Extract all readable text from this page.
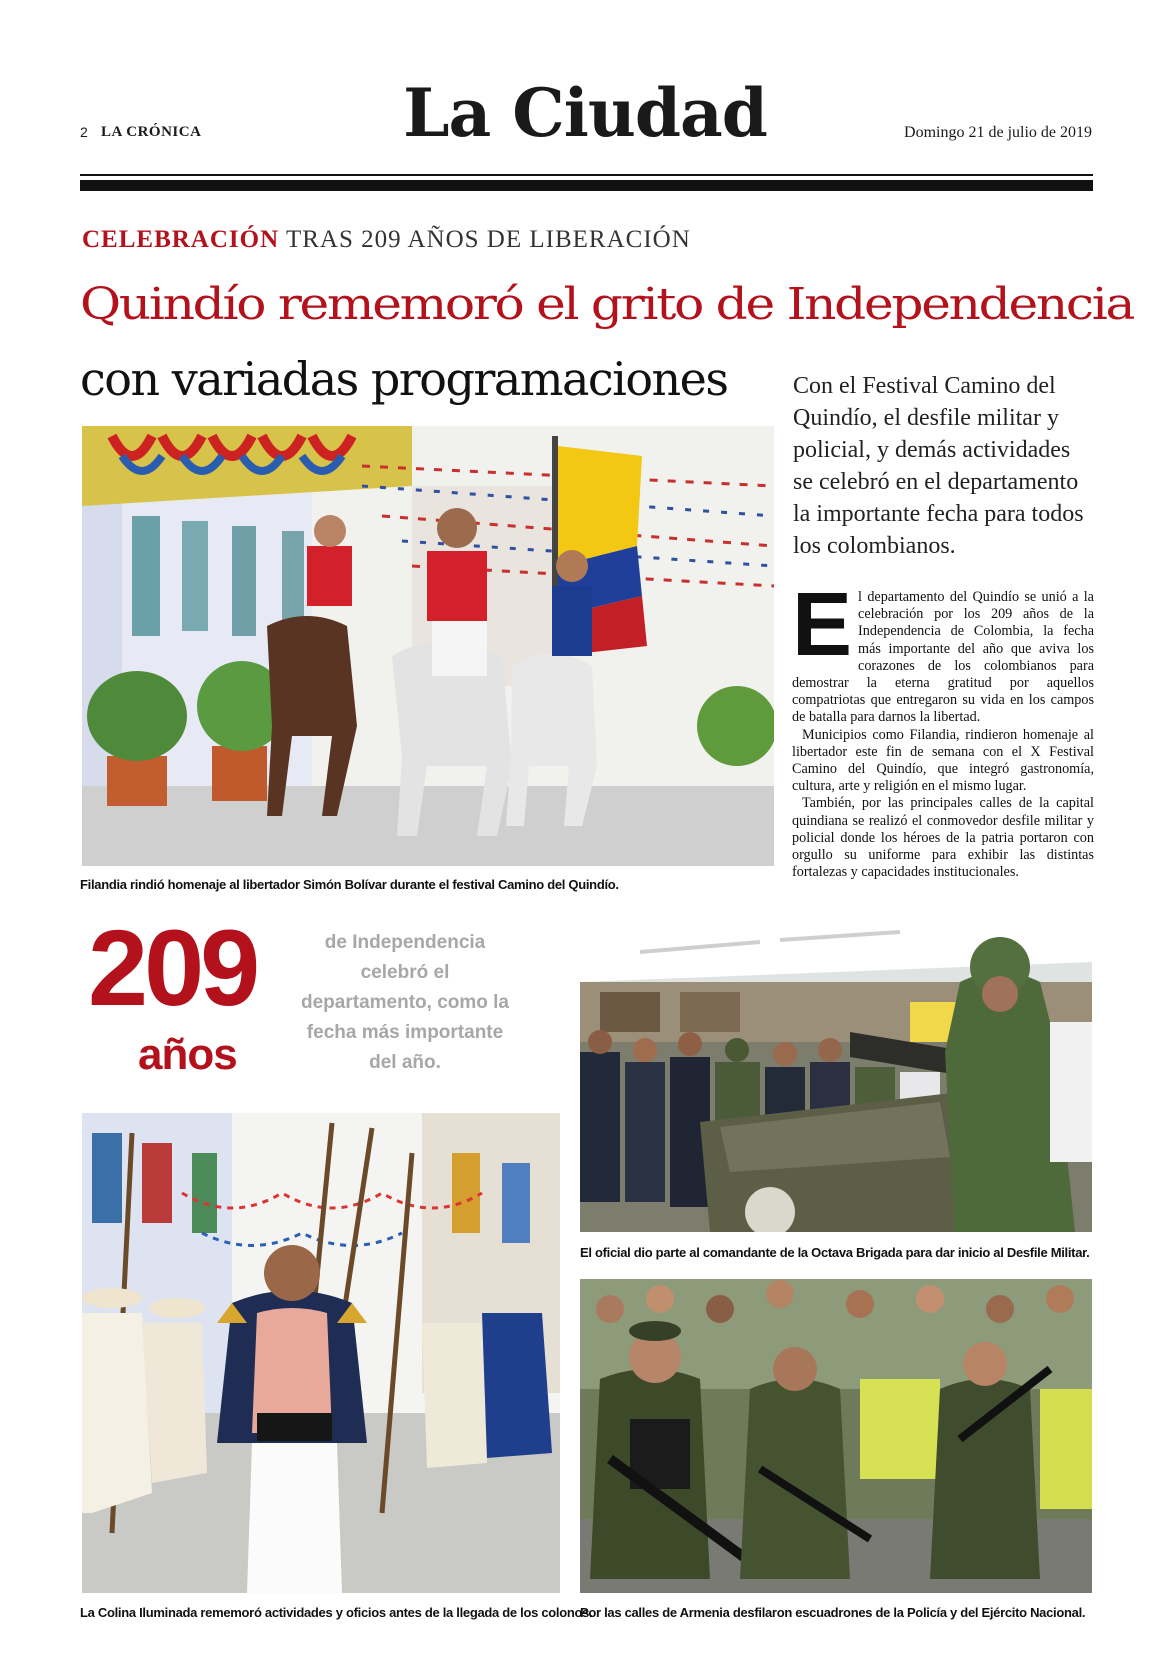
2 LA CRÓNICA	La Ciudad	Domingo 21 de julio de 2019
CELEBRACIÓN TRAS 209 AÑOS DE LIBERACIÓN
Quindío rememoró el grito de Independencia
con variadas programaciones
Filandia rindió homenaje al libertador Simón Bolívar durante el festival Camino del Quindío.
Con el Festival Camino del Quindío, el desfile militar y policial, y demás actividades se celebró en el departamento la importante fecha para todos los colombianos.

El departamento del Quindío se unió a la celebración por los 209 años de la Independencia de Colombia, la fecha más importante del año que aviva los corazones de los colombianos para demostrar la eterna gratitud por aquellos compatriotas que entregaron su vida en los campos de batalla para darnos la libertad.

Municipios como Filandia, rindieron homenaje al libertador este fin de semana con el X Festival Camino del Quindío, que integró gastronomía, cultura, arte y religión en el mismo lugar.

También, por las principales calles de la capital quindiana se realizó el conmovedor desfile militar y policial donde los héroes de la patria portaron con orgullo su uniforme para exhibir las distintas fortalezas y capacidades institucionales.

209
años
de Independencia celebró el departamento, como la fecha más importante del año.
El oficial dio parte al comandante de la Octava Brigada para dar inicio al Desfile Militar.
La Colina Iluminada rememoró actividades y oficios antes de la llegada de los colonos.
Por las calles de Armenia desfilaron escuadrones de la Policía y del Ejército Nacional.
